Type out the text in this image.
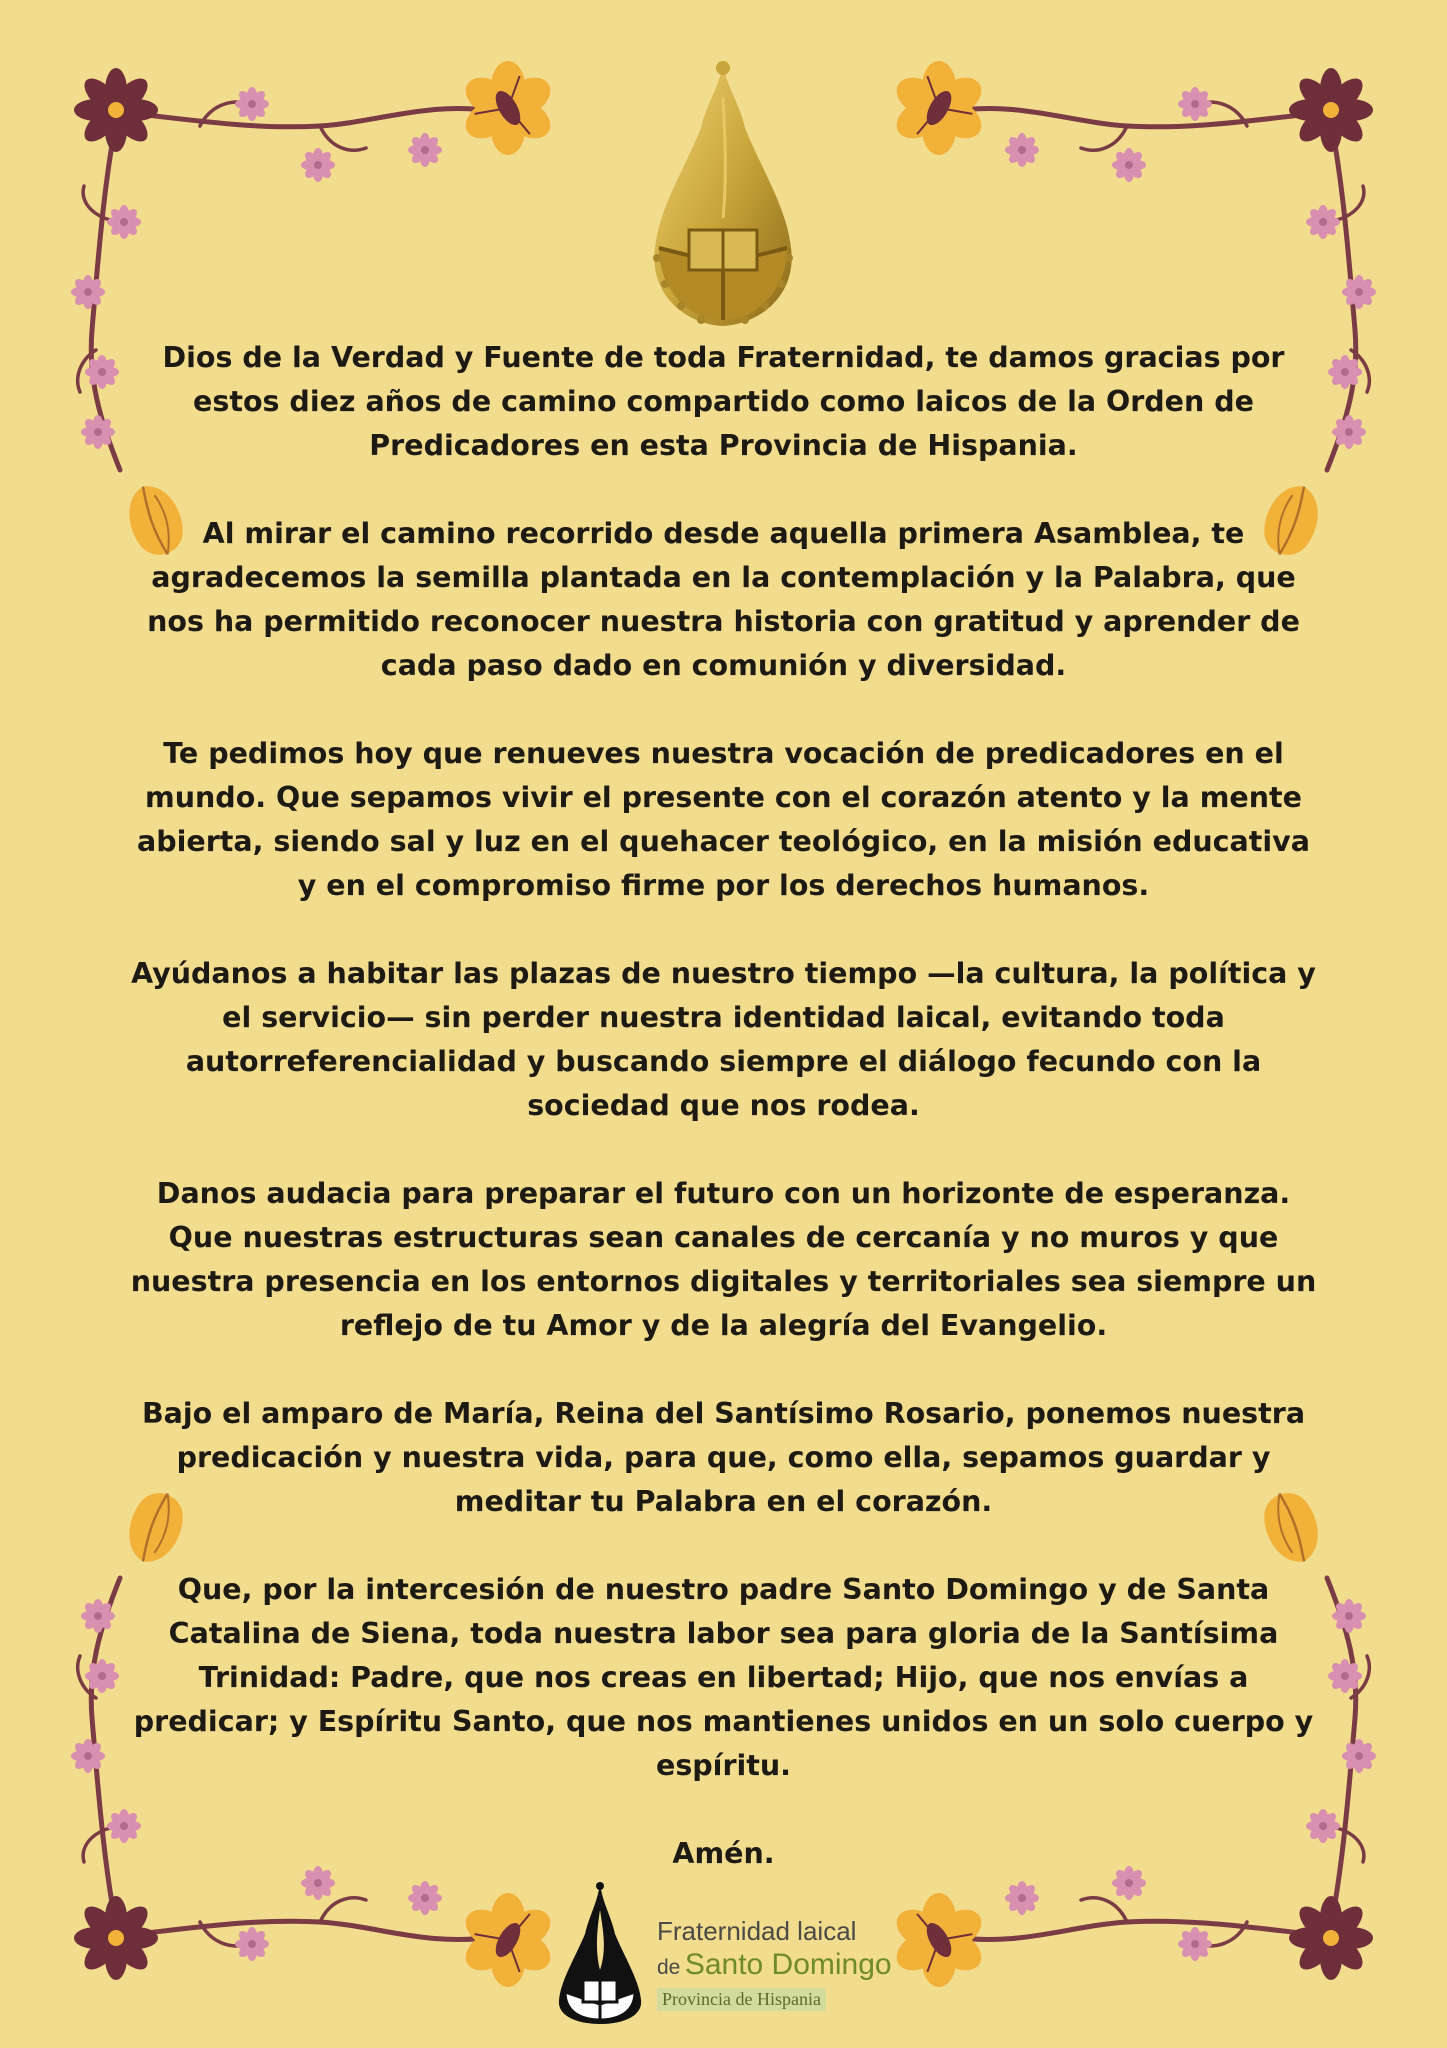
Dios de la Verdad y Fuente de toda Fraternidad, te damos gracias por estos diez años de camino compartido como laicos de la Orden de Predicadores en esta Provincia de Hispania.

Al mirar el camino recorrido desde aquella primera Asamblea, te agradecemos la semilla plantada en la contemplación y la Palabra, que nos ha permitido reconocer nuestra historia con gratitud y aprender de cada paso dado en comunión y diversidad.

Te pedimos hoy que renueves nuestra vocación de predicadores en el mundo. Que sepamos vivir el presente con el corazón atento y la mente abierta, siendo sal y luz en el quehacer teológico, en la misión educativa y en el compromiso firme por los derechos humanos.

Ayúdanos a habitar las plazas de nuestro tiempo —la cultura, la política y el servicio— sin perder nuestra identidad laical, evitando toda autorreferencialidad y buscando siempre el diálogo fecundo con la sociedad que nos rodea.

Danos audacia para preparar el futuro con un horizonte de esperanza. Que nuestras estructuras sean canales de cercanía y no muros y que nuestra presencia en los entornos digitales y territoriales sea siempre un reflejo de tu Amor y de la alegría del Evangelio.

Bajo el amparo de María, Reina del Santísimo Rosario, ponemos nuestra predicación y nuestra vida, para que, como ella, sepamos guardar y meditar tu Palabra en el corazón.

Que, por la intercesión de nuestro padre Santo Domingo y de Santa Catalina de Siena, toda nuestra labor sea para gloria de la Santísima Trinidad: Padre, que nos creas en libertad; Hijo, que nos envías a predicar; y Espíritu Santo, que nos mantienes unidos en un solo cuerpo y espíritu.

Amén.

Fraternidad laical
de Santo Domingo
Provincia de Hispania
